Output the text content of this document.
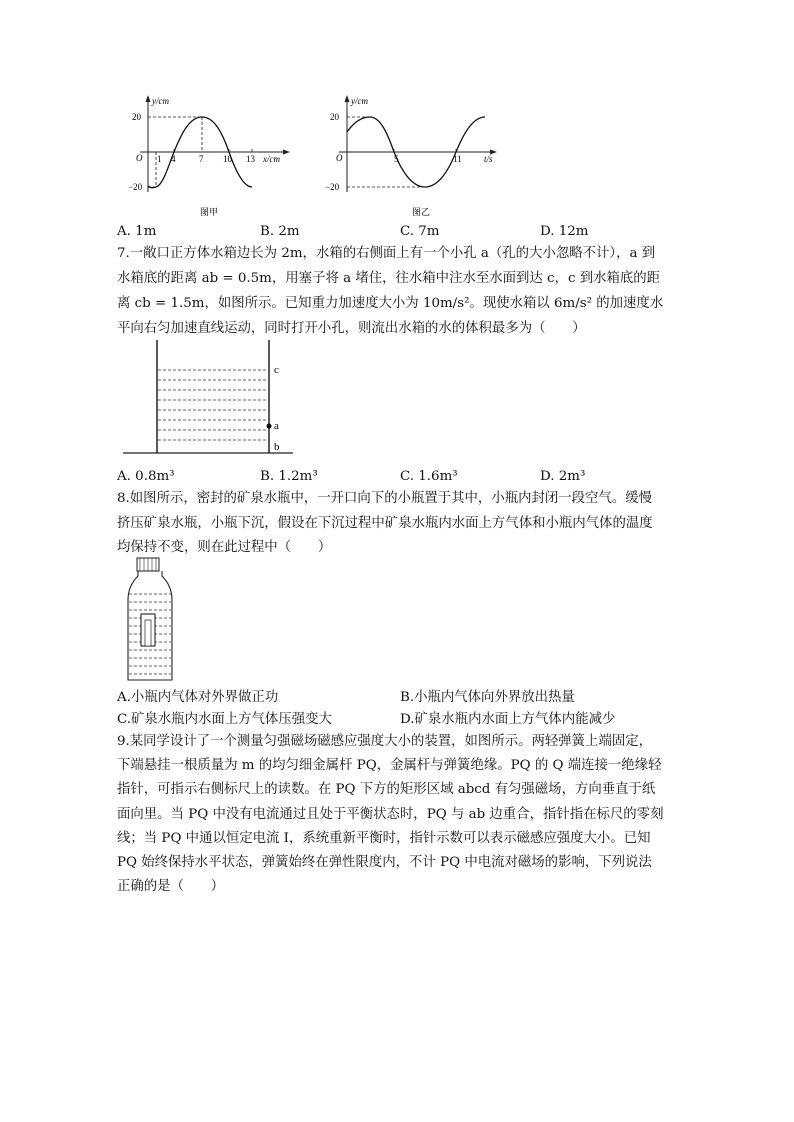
y/cm
20
−20
O 1 4	7 10 13 x/cm
图甲
y/cm
20
−20
O	5	11 t/s
图乙
A. 1m	B. 2m	C. 7m	D. 12m
7.一敞口正方体水箱边长为 2m，水箱的右侧面上有一个小孔 a（孔的大小忽略不计），a 到
水箱底的距离 ab = 0.5m，用塞子将 a 堵住，往水箱中注水至水面到达 c，c 到水箱底的距
离 cb = 1.5m，如图所示。已知重力加速度大小为 10m/s²。现使水箱以 6m/s² 的加速度水
平向右匀加速直线运动，同时打开小孔，则流出水箱的水的体积最多为（　　）
c
a
b
A. 0.8m³	B. 1.2m³	C. 1.6m³	D. 2m³
8.如图所示，密封的矿泉水瓶中，一开口向下的小瓶置于其中，小瓶内封闭一段空气。缓慢
挤压矿泉水瓶，小瓶下沉，假设在下沉过程中矿泉水瓶内水面上方气体和小瓶内气体的温度
均保持不变，则在此过程中（　　）
A.小瓶内气体对外界做正功	B.小瓶内气体向外界放出热量
C.矿泉水瓶内水面上方气体压强变大	D.矿泉水瓶内水面上方气体内能减少
9.某同学设计了一个测量匀强磁场磁感应强度大小的装置，如图所示。两轻弹簧上端固定，
下端悬挂一根质量为 m 的均匀细金属杆 PQ，金属杆与弹簧绝缘。PQ 的 Q 端连接一绝缘轻
指针，可指示右侧标尺上的读数。在 PQ 下方的矩形区域 abcd 有匀强磁场，方向垂直于纸
面向里。当 PQ 中没有电流通过且处于平衡状态时，PQ 与 ab 边重合，指针指在标尺的零刻
线；当 PQ 中通以恒定电流 I，系统重新平衡时，指针示数可以表示磁感应强度大小。已知
PQ 始终保持水平状态，弹簧始终在弹性限度内，不计 PQ 中电流对磁场的影响，下列说法
正确的是（　　）
